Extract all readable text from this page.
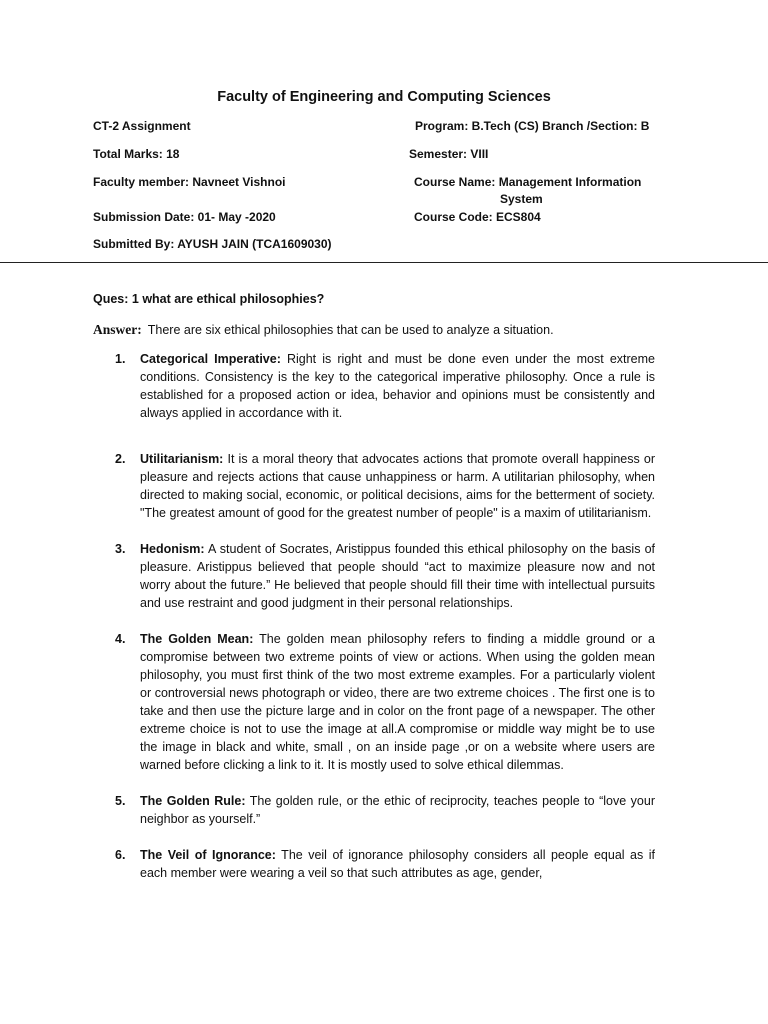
Faculty of Engineering and Computing Sciences
CT-2 Assignment	Program: B.Tech (CS) Branch /Section: B
Total Marks: 18	Semester: VIII
Faculty member: Navneet Vishnoi	Course Name: Management Information
System
Submission Date: 01- May -2020	Course Code: ECS804
Submitted By: AYUSH JAIN (TCA1609030)
Ques: 1 what are ethical philosophies?
Answer: There are six ethical philosophies that can be used to analyze a situation.
1. Categorical Imperative: Right is right and must be done even under the most extreme conditions. Consistency is the key to the categorical imperative philosophy. Once a rule is established for a proposed action or idea, behavior and opinions must be consistently and always applied in accordance with it.
2. Utilitarianism: It is a moral theory that advocates actions that promote overall happiness or pleasure and rejects actions that cause unhappiness or harm. A utilitarian philosophy, when directed to making social, economic, or political decisions, aims for the betterment of society. "The greatest amount of good for the greatest number of people" is a maxim of utilitarianism.
3. Hedonism: A student of Socrates, Aristippus founded this ethical philosophy on the basis of pleasure. Aristippus believed that people should “act to maximize pleasure now and not worry about the future.” He believed that people should fill their time with intellectual pursuits and use restraint and good judgment in their personal relationships.
4. The Golden Mean: The golden mean philosophy refers to finding a middle ground or a compromise between two extreme points of view or actions. When using the golden mean philosophy, you must first think of the two most extreme examples. For a particularly violent or controversial news photograph or video, there are two extreme choices . The first one is to take and then use the picture large and in color on the front page of a newspaper. The other extreme choice is not to use the image at all.A compromise or middle way might be to use the image in black and white, small , on an inside page ,or on a website where users are warned before clicking a link to it. It is mostly used to solve ethical dilemmas.
5. The Golden Rule: The golden rule, or the ethic of reciprocity, teaches people to “love your neighbor as yourself.”
6. The Veil of Ignorance: The veil of ignorance philosophy considers all people equal as if each member were wearing a veil so that such attributes as age, gender,
